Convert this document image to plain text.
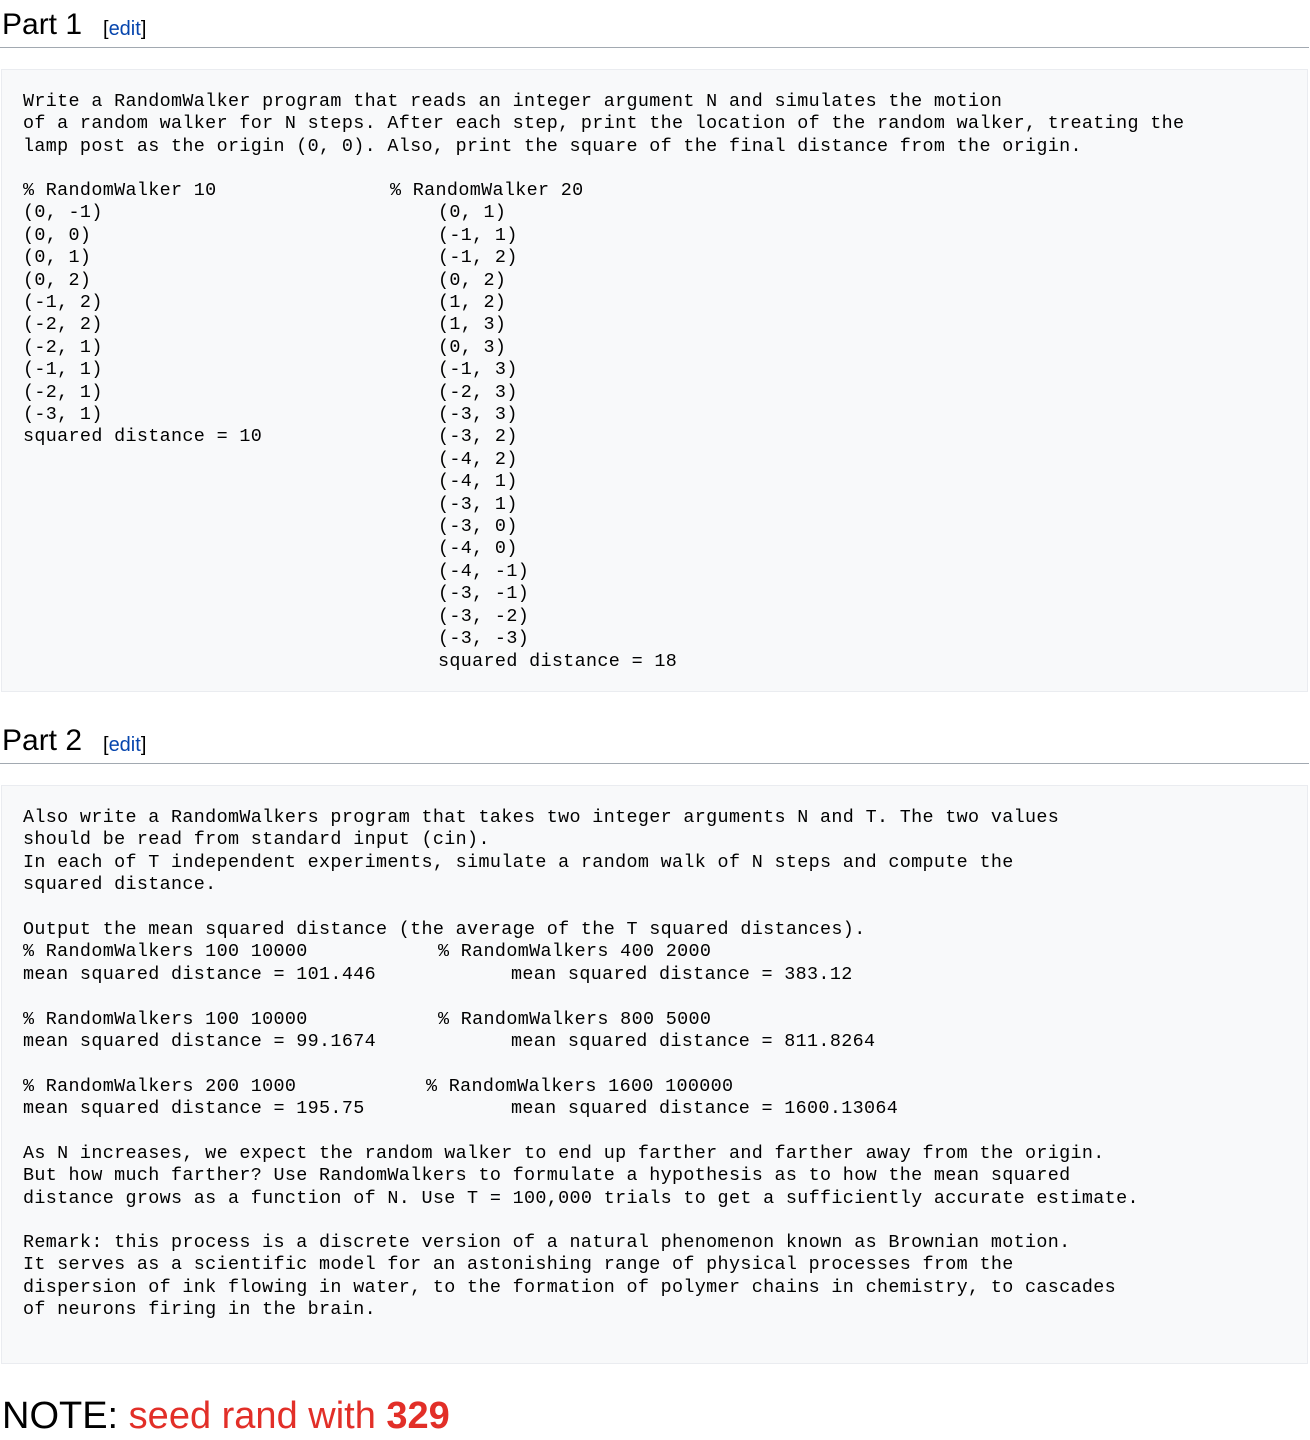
Part 1 [edit]
Write a RandomWalker program that reads an integer argument N and simulates the motion
of a random walker for N steps. After each step, print the location of the random walker, treating the
lamp post as the origin (0, 0). Also, print the square of the final distance from the origin.
% RandomWalker 10
(0, -1)
(0, 0)
(0, 1)
(0, 2)
(-1, 2)
(-2, 2)
(-2, 1)
(-1, 1)
(-2, 1)
(-3, 1)
squared distance = 10
% RandomWalker 20
(0, 1)
(-1, 1)
(-1, 2)
(0, 2)
(1, 2)
(1, 3)
(0, 3)
(-1, 3)
(-2, 3)
(-3, 3)
(-3, 2)
(-4, 2)
(-4, 1)
(-3, 1)
(-3, 0)
(-4, 0)
(-4, -1)
(-3, -1)
(-3, -2)
(-3, -3)
squared distance = 18
Part 2 [edit]
Also write a RandomWalkers program that takes two integer arguments N and T. The two values
should be read from standard input (cin).
In each of T independent experiments, simulate a random walk of N steps and compute the
squared distance.
Output the mean squared distance (the average of the T squared distances).
% RandomWalkers 100 10000	% RandomWalkers 400 2000
mean squared distance = 101.446	mean squared distance = 383.12
% RandomWalkers 100 10000	% RandomWalkers 800 5000
mean squared distance = 99.1674	mean squared distance = 811.8264
% RandomWalkers 200 1000	% RandomWalkers 1600 100000
mean squared distance = 195.75	mean squared distance = 1600.13064
As N increases, we expect the random walker to end up farther and farther away from the origin.
But how much farther? Use RandomWalkers to formulate a hypothesis as to how the mean squared
distance grows as a function of N. Use T = 100,000 trials to get a sufficiently accurate estimate.
Remark: this process is a discrete version of a natural phenomenon known as Brownian motion.
It serves as a scientific model for an astonishing range of physical processes from the
dispersion of ink flowing in water, to the formation of polymer chains in chemistry, to cascades
of neurons firing in the brain.
NOTE: seed rand with 329
